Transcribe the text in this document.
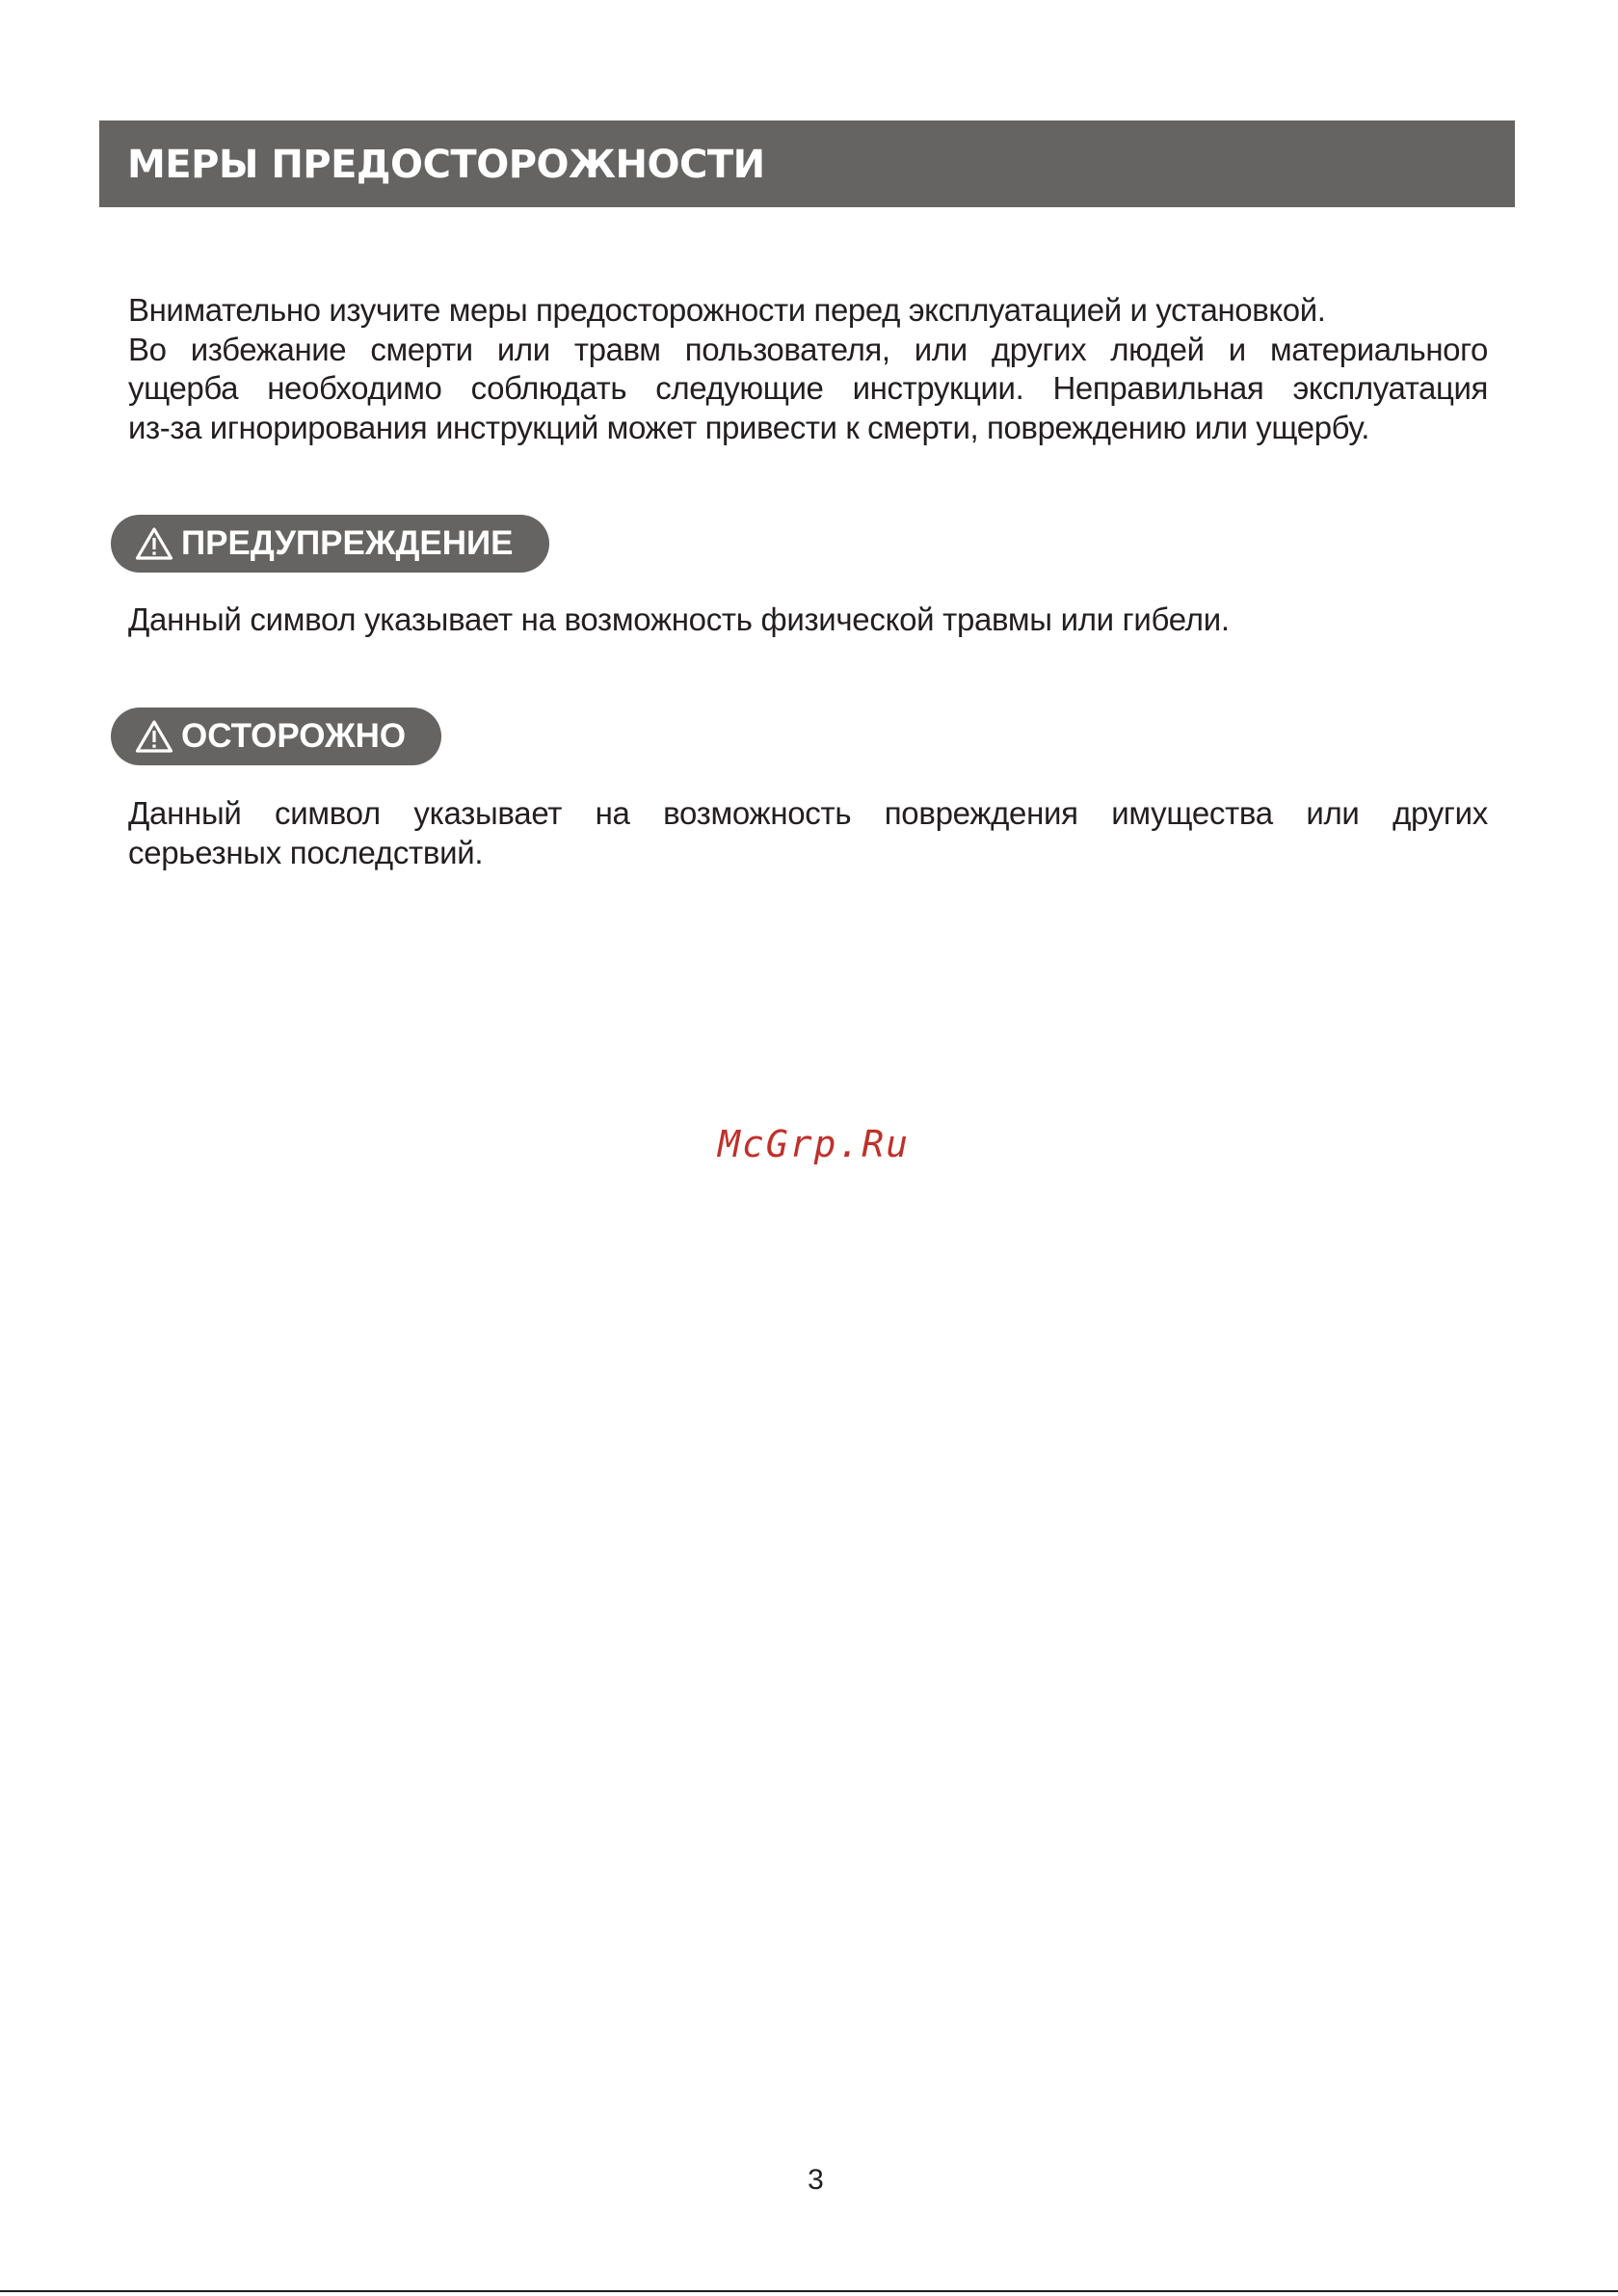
МЕРЫ ПРЕДОСТОРОЖНОСТИ
Внимательно изучите меры предосторожности перед эксплуатацией и установкой.
Во избежание смерти или травм пользователя, или других людей и материального
ущерба необходимо соблюдать следующие инструкции. Неправильная эксплуатация
из-за игнорирования инструкций может привести к смерти, повреждению или ущербу.
ПРЕДУПРЕЖДЕНИЕ
Данный символ указывает на возможность физической травмы или гибели.
ОСТОРОЖНО
Данный символ указывает на возможность повреждения имущества или других
серьезных последствий.
McGrp.Ru
3
